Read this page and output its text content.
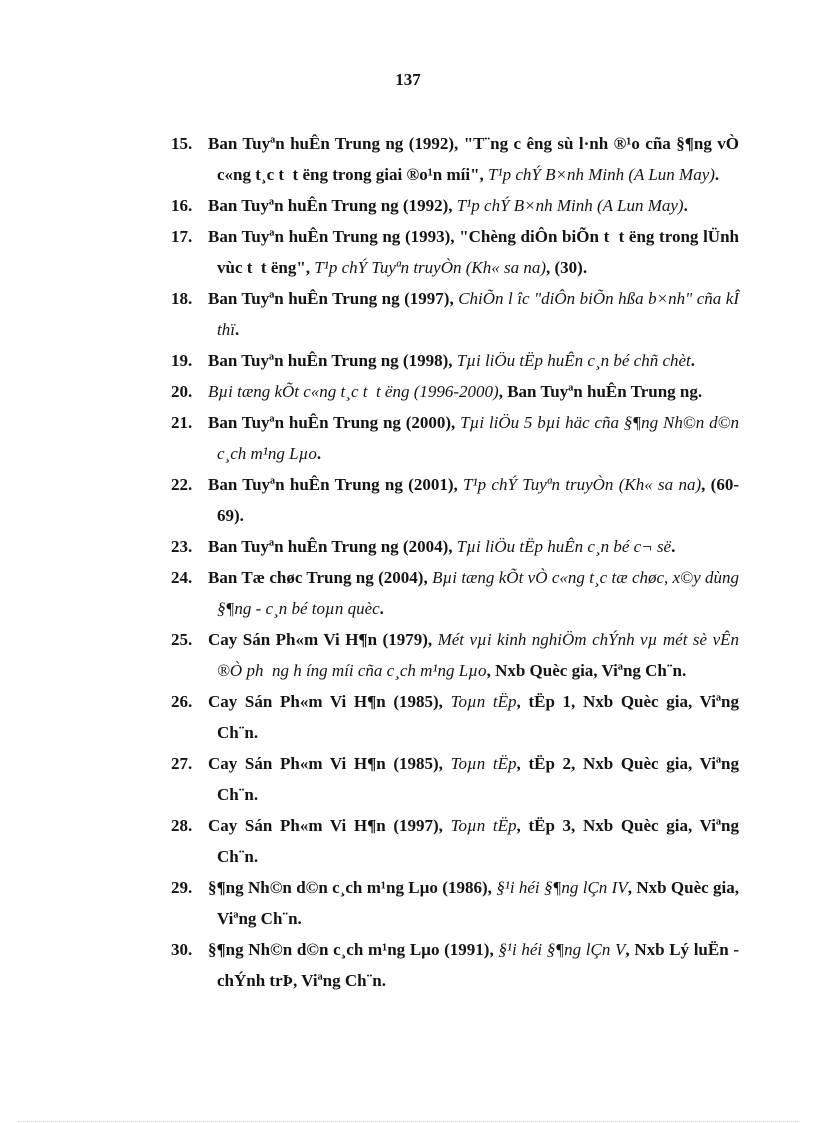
137
15. Ban Tuyªn huÊn Trung ng (1992), "T¨ng c êng sù l·nh ®¹o cña §¶ng vÒ c«ng t¸c t  t ëng trong giai ®o¹n míi", T¹p chÝ B×nh Minh (A Lun May).
16. Ban Tuyªn huÊn Trung ng (1992), T¹p chÝ B×nh Minh (A Lun May).
17. Ban Tuyªn huÊn Trung ng (1993), "Chèng diÔn biÕn t  t ëng trong lÜnh vùc t  t ëng", T¹p chÝ Tuyªn truyÒn (Kh« sa na), (30).
18. Ban Tuyªn huÊn Trung ng (1997), ChiÕn l îc "diÔn biÕn hßa b×nh" cña kÎ thï.
19. Ban Tuyªn huÊn Trung ng (1998), Tµi liÖu tËp huÊn c¸n bé chñ chèt.
20. Bµi tæng kÕt c«ng t¸c t  t ëng (1996-2000), Ban Tuyªn huÊn Trung ng.
21. Ban Tuyªn huÊn Trung ng (2000), Tµi liÖu 5 bµi häc cña §¶ng Nh©n d©n c¸ch m¹ng Lµo.
22. Ban Tuyªn huÊn Trung ng (2001), T¹p chÝ Tuyªn truyÒn (Kh« sa na), (60-69).
23. Ban Tuyªn huÊn Trung ng (2004), Tµi liÖu tËp huÊn c¸n bé c¬ së.
24. Ban Tæ chøc Trung ng (2004), Bµi tæng kÕt vÒ c«ng t¸c tæ chøc, x©y dùng §¶ng - c¸n bé toµn quèc.
25. Cay Sán Ph«m Vi H¶n (1979), Mét vµi kinh nghiÖm chÝnh vµ mét sè vÊn ®Ò ph  ng h íng míi cña c¸ch m¹ng Lµo, Nxb Quèc gia, Viªng Ch¨n.
26. Cay Sán Ph«m Vi H¶n (1985), Toµn tËp, tËp 1, Nxb Quèc gia, Viªng Ch¨n.
27. Cay Sán Ph«m Vi H¶n (1985), Toµn tËp, tËp 2, Nxb Quèc gia, Viªng Ch¨n.
28. Cay Sán Ph«m Vi H¶n (1997), Toµn tËp, tËp 3, Nxb Quèc gia, Viªng Ch¨n.
29. §¶ng Nh©n d©n c¸ch m¹ng Lµo (1986), §¹i héi §¶ng lÇn IV, Nxb Quèc gia, Viªng Ch¨n.
30. §¶ng Nh©n d©n c¸ch m¹ng Lµo (1991), §¹i héi §¶ng lÇn V, Nxb Lý luËn - chÝnh trÞ, Viªng Ch¨n.
